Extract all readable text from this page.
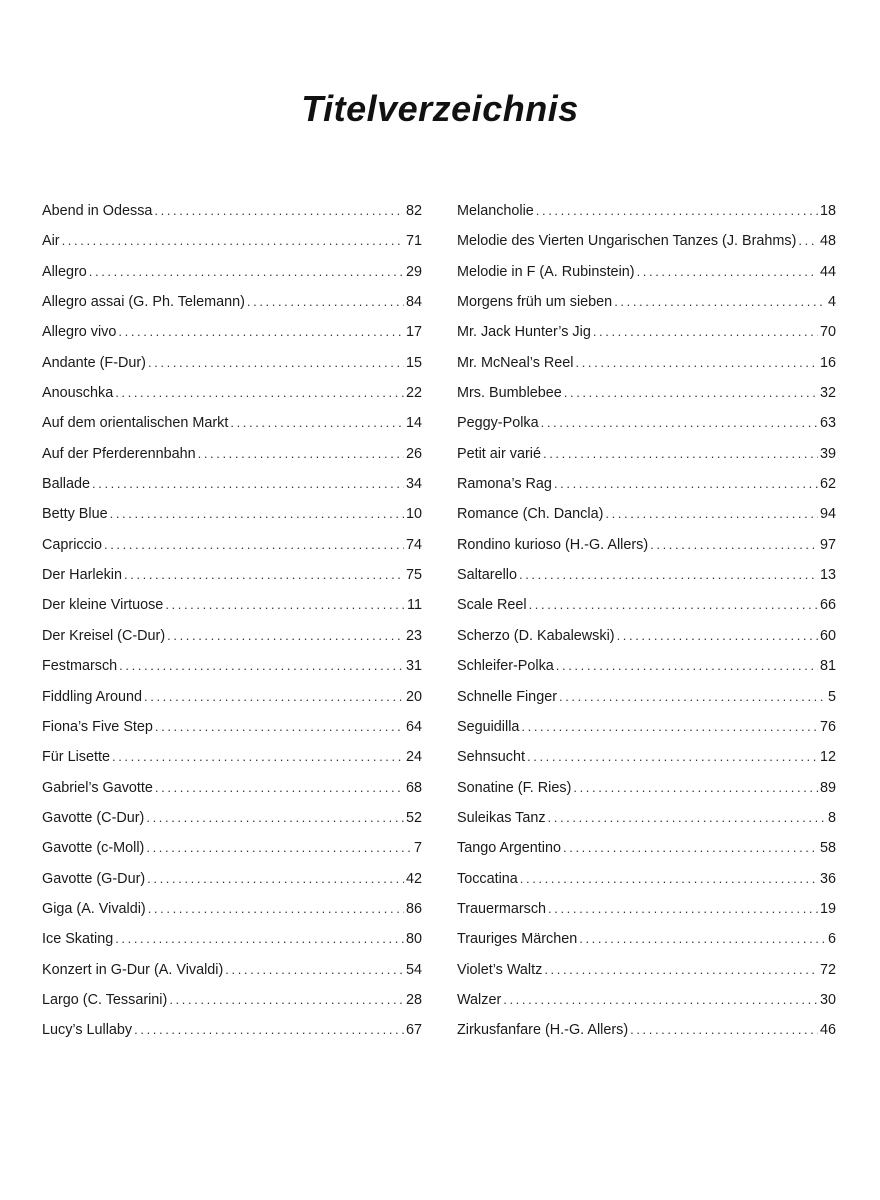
Titelverzeichnis
Abend in Odessa .....	82
Air .....	71
Allegro .....	29
Allegro assai (G. Ph. Telemann) .....	84
Allegro vivo .....	17
Andante (F-Dur) .....	15
Anouschka .....	22
Auf dem orientalischen Markt .....	14
Auf der Pferderennbahn .....	26
Ballade .....	34
Betty Blue .....	10
Capriccio .....	74
Der Harlekin .....	75
Der kleine Virtuose .....	11
Der Kreisel (C-Dur) .....	23
Festmarsch .....	31
Fiddling Around .....	20
Fiona’s Five Step .....	64
Für Lisette .....	24
Gabriel’s Gavotte .....	68
Gavotte (C-Dur) .....	52
Gavotte (c-Moll) .....	7
Gavotte (G-Dur) .....	42
Giga (A. Vivaldi) .....	86
Ice Skating .....	80
Konzert in G-Dur (A. Vivaldi) .....	54
Largo (C. Tessarini) .....	28
Lucy’s Lullaby .....	67
Melancholie .....	18
Melodie des Vierten Ungarischen Tanzes (J. Brahms) ..... 48
Melodie in F (A. Rubinstein) .....	44
Morgens früh um sieben .....	4
Mr. Jack Hunter’s Jig .....	70
Mr. McNeal’s Reel .....	16
Mrs. Bumblebee .....	32
Peggy-Polka .....	63
Petit air varié .....	39
Ramona’s Rag .....	62
Romance (Ch. Dancla) .....	94
Rondino kurioso (H.-G. Allers) .....	97
Saltarello .....	13
Scale Reel .....	66
Scherzo (D. Kabalewski) .....	60
Schleifer-Polka .....	81
Schnelle Finger .....	5
Seguidilla .....	76
Sehnsucht .....	12
Sonatine (F. Ries) .....	89
Suleikas Tanz .....	8
Tango Argentino .....	58
Toccatina .....	36
Trauermarsch .....	19
Trauriges Märchen .....	6
Violet’s Waltz .....	72
Walzer .....	30
Zirkusfanfare (H.-G. Allers) .....	46
